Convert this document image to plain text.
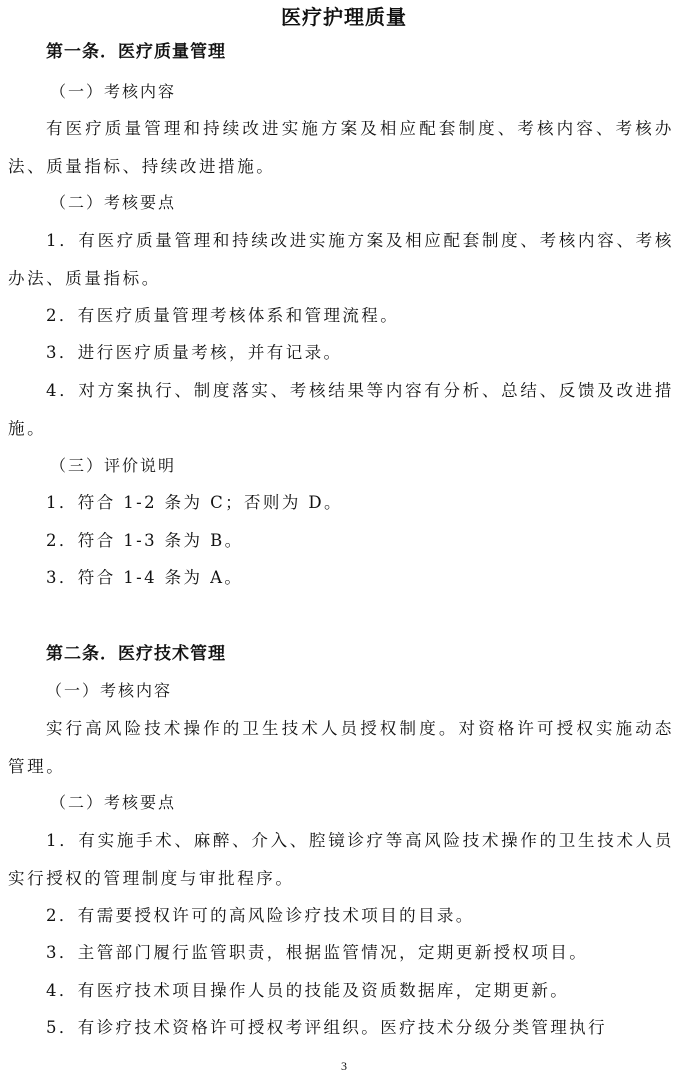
医疗护理质量
第一条．医疗质量管理
（一）考核内容

有医疗质量管理和持续改进实施方案及相应配套制度、考核内容、考核办法、质量指标、持续改进措施。

（二）考核要点

1．有医疗质量管理和持续改进实施方案及相应配套制度、考核内容、考核办法、质量指标。

2．有医疗质量管理考核体系和管理流程。
3．进行医疗质量考核，并有记录。

4．对方案执行、制度落实、考核结果等内容有分析、总结、反馈及改进措施。

（三）评价说明
1．符合 1-2 条为 C；否则为 D。
2．符合 1-3 条为 B。
3．符合 1-4 条为 A。
第二条．医疗技术管理
（一）考核内容

实行高风险技术操作的卫生技术人员授权制度。对资格许可授权实施动态管理。

（二）考核要点

1．有实施手术、麻醉、介入、腔镜诊疗等高风险技术操作的卫生技术人员实行授权的管理制度与审批程序。

2．有需要授权许可的高风险诊疗技术项目的目录。
3．主管部门履行监管职责，根据监管情况，定期更新授权项目。
4．有医疗技术项目操作人员的技能及资质数据库，定期更新。
5．有诊疗技术资格许可授权考评组织。医疗技术分级分类管理执行
3
